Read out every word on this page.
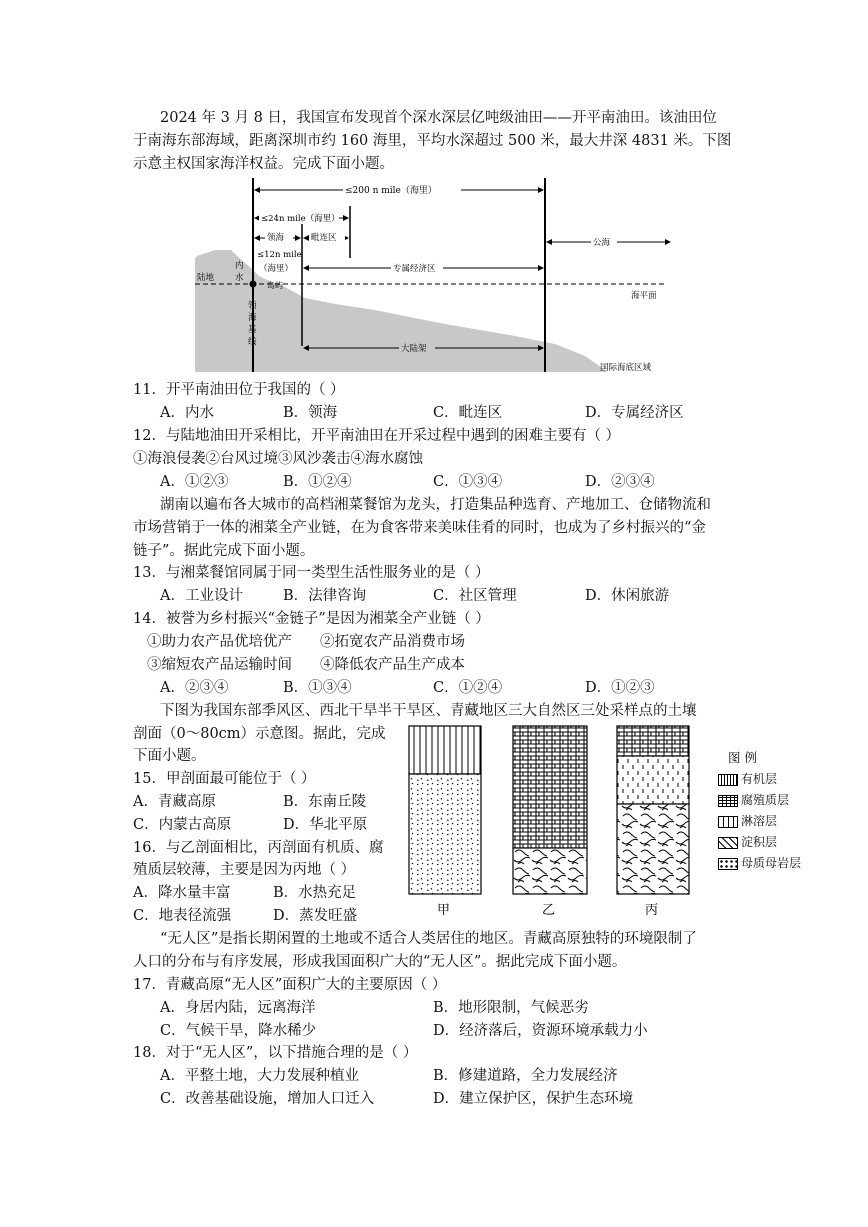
2024 年 3 月 8 日，我国宣布发现首个深水深层亿吨级油田——开平南油田。该油田位
于南海东部海域，距离深圳市约 160 海里，平均水深超过 500 米，最大井深 4831 米。下图
示意主权国家海洋权益。完成下面小题。
≤200 n mile（海里）
≤24n mile（海里）
领海	毗连区
≤12n mile
（海里）	专属经济区
公海
陆地
内
水
岛屿
领
海
基
线
海平面
大陆架
国际海底区域
11．开平南油田位于我国的（ ）
A．内水	B．领海	C．毗连区	D．专属经济区
12．与陆地油田开采相比，开平南油田在开采过程中遇到的困难主要有（ ）
①海浪侵袭②台风过境③风沙袭击④海水腐蚀
A．①②③	B．①②④	C．①③④	D．②③④
湖南以遍布各大城市的高档湘菜餐馆为龙头，打造集品种选育、产地加工、仓储物流和
市场营销于一体的湘菜全产业链，在为食客带来美味佳肴的同时，也成为了乡村振兴的“金
链子”。据此完成下面小题。
13．与湘菜餐馆同属于同一类型生活性服务业的是（ ）
A．工业设计	B．法律咨询	C．社区管理	D．休闲旅游
14．被誉为乡村振兴“金链子”是因为湘菜全产业链（ ）
①助力农产品优培优产 ②拓宽农产品消费市场
③缩短农产品运输时间 ④降低农产品生产成本
A．②③④	B．①③④	C．①②④	D．①②③
下图为我国东部季风区、西北干旱半干旱区、青藏地区三大自然区三处采样点的土壤
剖面（0～80cm）示意图。据此，完成
下面小题。
15．甲剖面最可能位于（ ）
A．青藏高原	B．东南丘陵
C．内蒙古高原	D．华北平原
16．与乙剖面相比，丙剖面有机质、腐
殖质层较薄，主要是因为丙地（ ）
A．降水量丰富	B．水热充足
C．地表径流强	D．蒸发旺盛	甲	乙	丙
图 例
有机层
腐殖质层
淋溶层
淀积层
母质母岩层
“无人区”是指长期闲置的土地或不适合人类居住的地区。青藏高原独特的环境限制了
人口的分布与有序发展，形成我国面积广大的“无人区”。据此完成下面小题。
17．青藏高原“无人区”面积广大的主要原因（ ）
A．身居内陆，远离海洋	B．地形限制，气候恶劣
C．气候干旱，降水稀少	D．经济落后，资源环境承载力小
18．对于“无人区”，以下措施合理的是（ ）
A．平整土地，大力发展种植业	B．修建道路，全力发展经济
C．改善基础设施，增加人口迁入	D．建立保护区，保护生态环境
